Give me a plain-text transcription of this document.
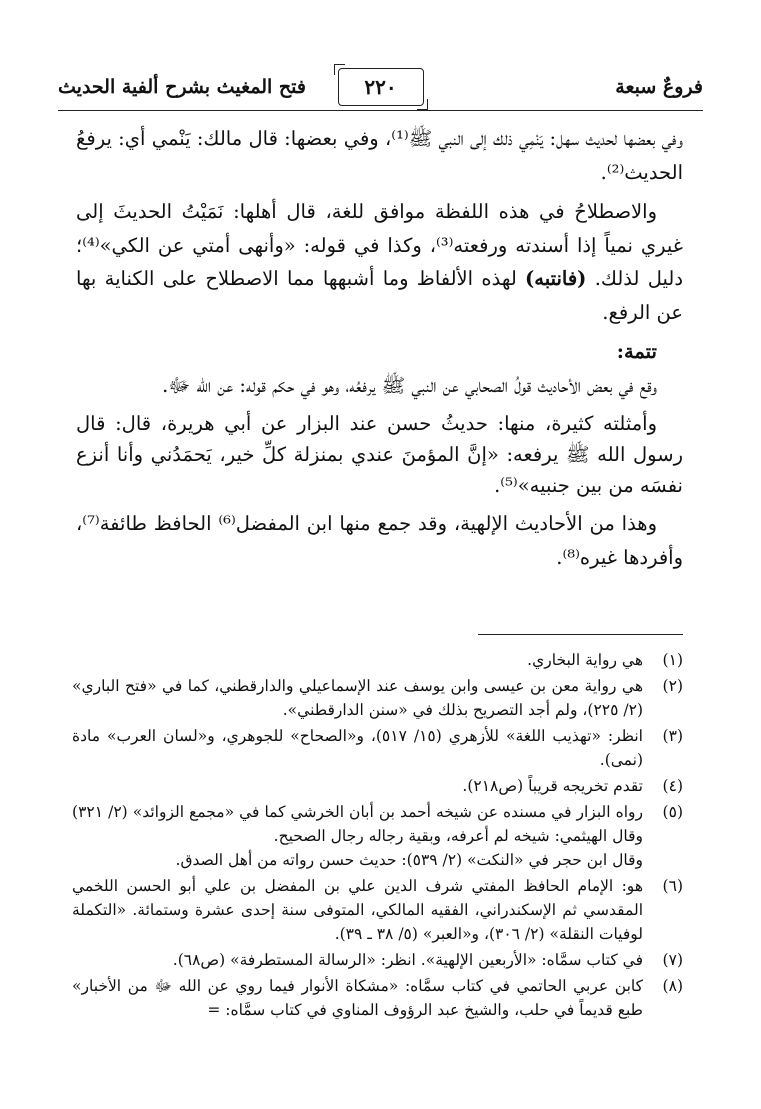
فروعٌ سبعة
٢٢٠
فتح المغيث بشرح ألفية الحديث

وفي بعضها لحديث سهل: يَنْمِي ذلك إلى النبي ﷺ⁽¹⁾، وفي بعضها: قال مالك: يَنْمي أي: يرفعُ الحديث⁽²⁾.

والاصطلاحُ في هذه اللفظة موافق للغة، قال أهلها: نَمَيْتُ الحديثَ إلى غيري نمياً إذا أسندته ورفعته⁽³⁾، وكذا في قوله: «وأنهى أمتي عن الكي»⁽⁴⁾؛ دليل لذلك. (فانتبه) لهذه الألفاظ وما أشبهها مما الاصطلاح على الكناية بها عن الرفع.

تتمة:

وقع في بعض الأحاديث قولُ الصحابي عن النبي ﷺ يرفعُه، وهو في حكم قوله: عن الله ﷻ.

وأمثلته كثيرة، منها: حديثُ حسن عند البزار عن أبي هريرة، قال: قال رسول الله ﷺ يرفعه: «إنَّ المؤمنَ عندي بمنزلة كلِّ خير، يَحمَدُني وأنا أنزع نفسَه من بين جنبيه»⁽⁵⁾.

وهذا من الأحاديث الإلهية، وقد جمع منها ابن المفضل⁽⁶⁾ الحافظ طائفة⁽⁷⁾، وأفردها غيره⁽⁸⁾.

(١)

هي رواية البخاري.

(٢)

هي رواية معن بن عيسى وابن يوسف عند الإسماعيلي والدارقطني، كما في «فتح الباري» (٢/ ٢٢٥)، ولم أجد التصريح بذلك في «سنن الدارقطني».

(٣)

انظر: «تهذيب اللغة» للأزهري (١٥/ ٥١٧)، و«الصحاح» للجوهري، و«لسان العرب» مادة (نمى).

(٤)

تقدم تخريجه قريباً (ص٢١٨).

(٥)

رواه البزار في مسنده عن شيخه أحمد بن أبان الخرشي كما في «مجمع الزوائد» (٢/ ٣٢١) وقال الهيثمي: شيخه لم أعرفه، وبقية رجاله رجال الصحيح.

وقال ابن حجر في «النكت» (٢/ ٥٣٩): حديث حسن رواته من أهل الصدق.

(٦)

هو: الإمام الحافظ المفتي شرف الدين علي بن المفضل بن علي أبو الحسن اللخمي المقدسي ثم الإسكندراني، الفقيه المالكي، المتوفى سنة إحدى عشرة وستمائة. «التكملة لوفيات النقلة» (٢/ ٣٠٦)، و«العبر» (٥/ ٣٨ ـ ٣٩).

(٧)

في كتاب سمَّاه: «الأربعين الإلهية». انظر: «الرسالة المستطرفة» (ص٦٨).

(٨)

كابن عربي الحاتمي في كتاب سمَّاه: «مشكاة الأنوار فيما روي عن الله ﷻ من الأخبار» طبع قديماً في حلب، والشيخ عبد الرؤوف المناوي في كتاب سمَّاه: =
